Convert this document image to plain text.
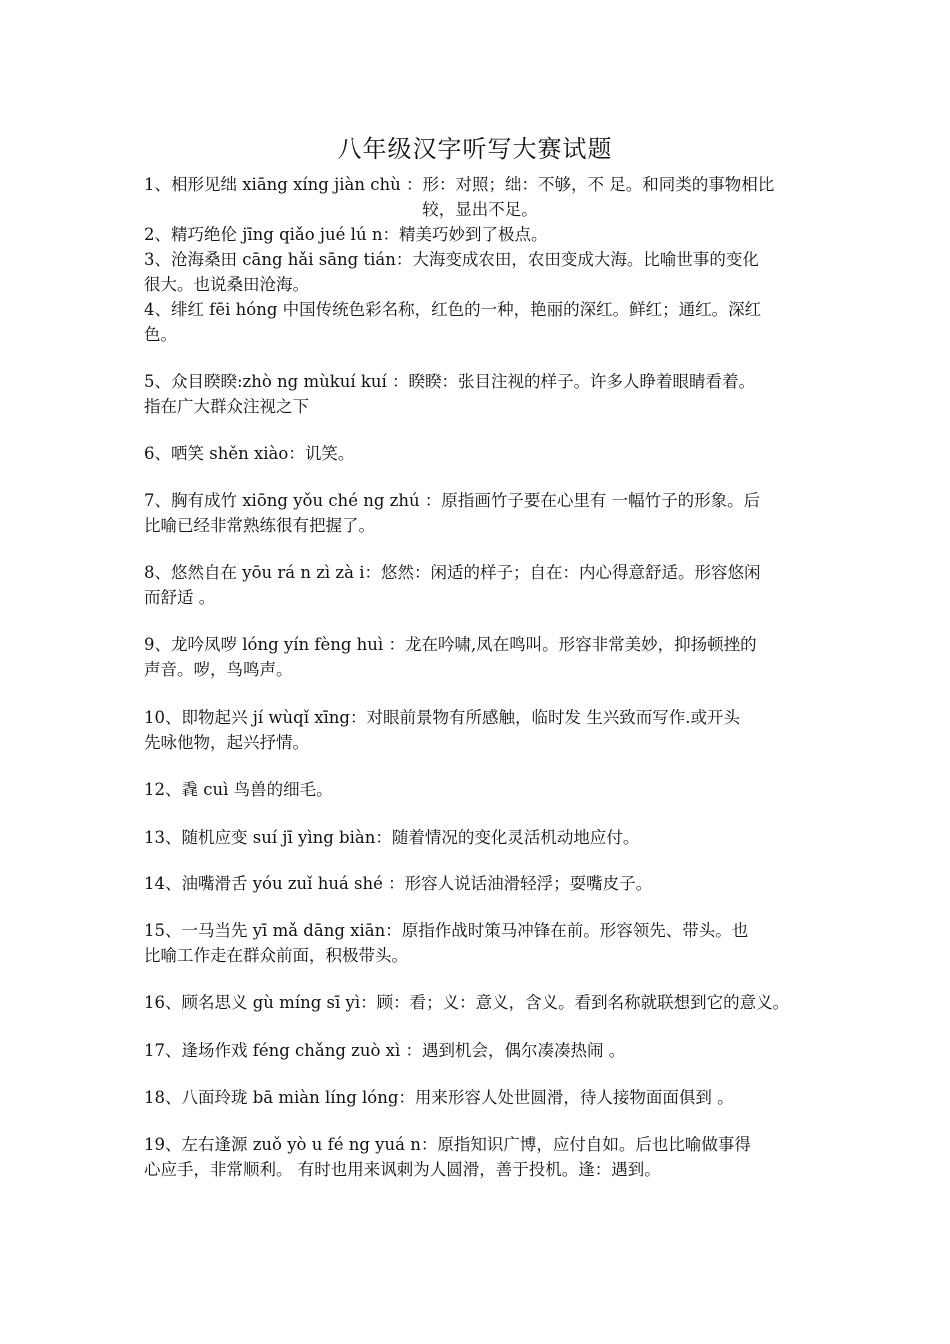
八年级汉字听写大赛试题
1、相形见绌 xiāng xíng jiàn chù ：形：对照；绌：不够，不 足。和同类的事物相比
较，显出不足。
2、精巧绝伦 jīng qiǎo jué lú n：精美巧妙到了极点。
3、沧海桑田 cāng hǎi sāng tián：大海变成农田，农田变成大海。比喻世事的变化
很大。也说桑田沧海。
4、绯红 fēi hóng 中国传统色彩名称，红色的一种，艳丽的深红。鲜红；通红。深红
色。
5、众目睽睽:zhò ng mùkuí kuí ：睽睽：张目注视的样子。许多人睁着眼睛看着。
指在广大群众注视之下
6、哂笑 shěn xiào：讥笑。
7、胸有成竹 xiōng yǒu ché ng zhú ：原指画竹子要在心里有 一幅竹子的形象。后
比喻已经非常熟练很有把握了。
8、悠然自在 yōu rá n zì zà i：悠然：闲适的样子；自在：内心得意舒适。形容悠闲
而舒适 。
9、龙吟凤哕 lóng yín fèng huì ：龙在吟啸,凤在鸣叫。形容非常美妙，抑扬顿挫的
声音。哕，鸟鸣声。
10、即物起兴 jí wùqǐ xīng：对眼前景物有所感触，临时发 生兴致而写作.或开头
先咏他物，起兴抒情。
12、毳 cuì 鸟兽的细毛。
13、随机应变 suí jī yìng biàn：随着情况的变化灵活机动地应付。
14、油嘴滑舌 yóu zuǐ huá shé ：形容人说话油滑轻浮；耍嘴皮子。
15、一马当先 yī mǎ dāng xiān：原指作战时策马冲锋在前。形容领先、带头。也
比喻工作走在群众前面，积极带头。
16、顾名思义 gù míng sī yì：顾：看；义：意义，含义。看到名称就联想到它的意义。
17、逢场作戏 féng chǎng zuò xì ：遇到机会，偶尔凑凑热闹 。
18、八面玲珑 bā miàn líng lóng：用来形容人处世圆滑，待人接物面面俱到 。
19、左右逢源 zuǒ yò u fé ng yuá n：原指知识广博，应付自如。后也比喻做事得
心应手，非常顺利。 有时也用来讽刺为人圆滑，善于投机。逢：遇到。
